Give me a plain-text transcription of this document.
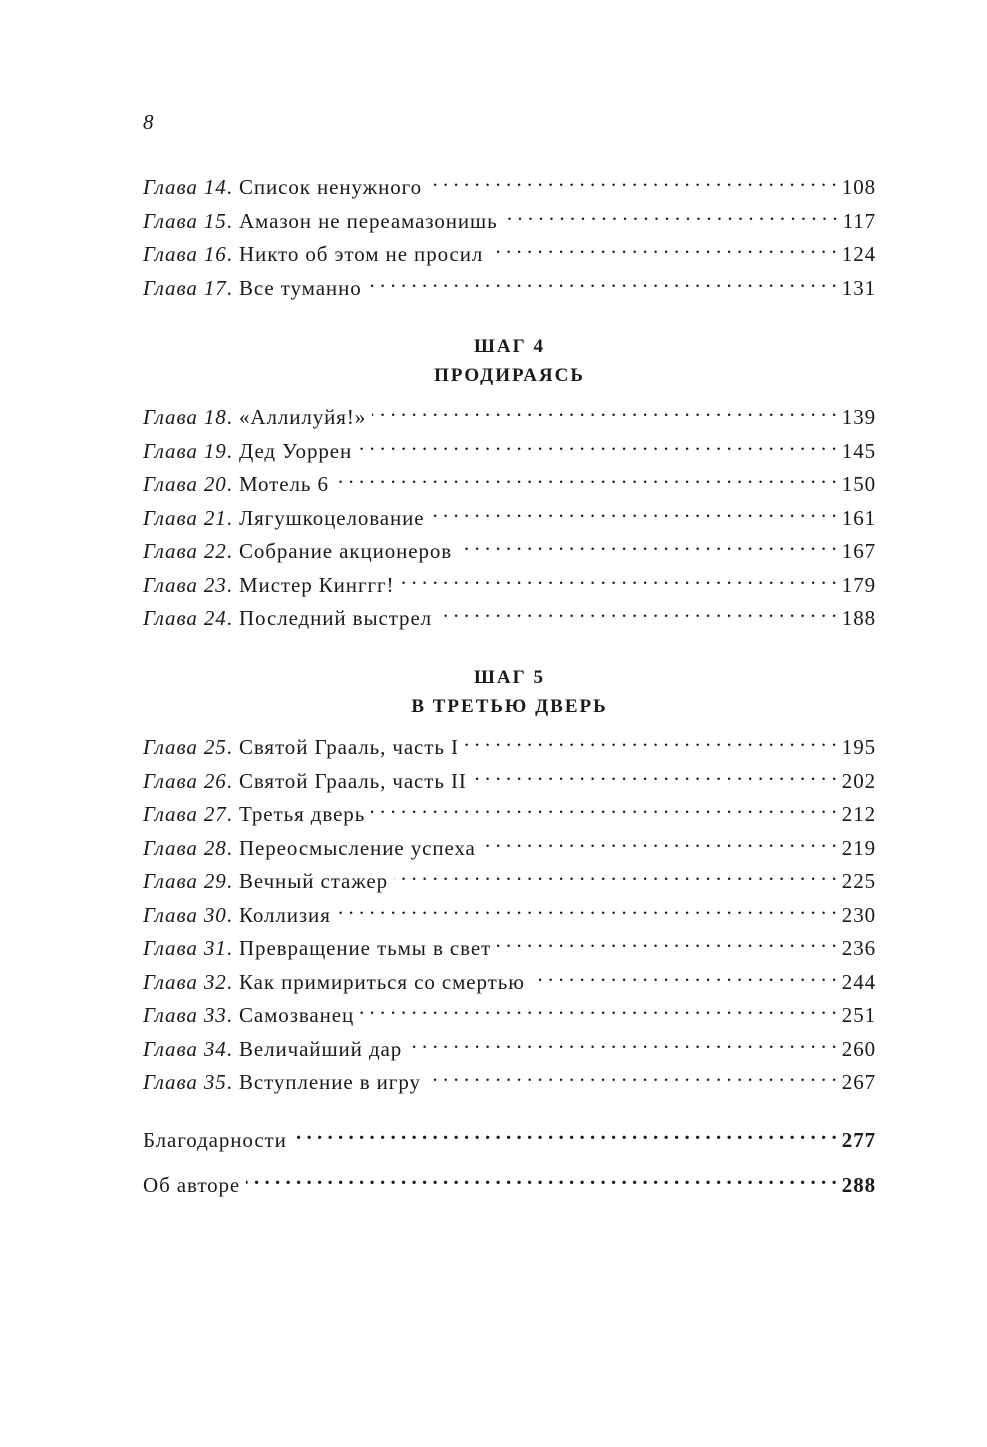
8
Глава 14 . Список ненужного . . .	108
Глава 15 . Амазон не переамазонишь . . .	117
Глава 16 . Никто об этом не просил . . .	124
Глава 17 . Все туманно . . .	131
ШАГ 4
ПРОДИРАЯСЬ
Глава 18 . «Аллилуйя!» . . .	139
Глава 19 . Дед Уоррен . . .	145
Глава 20 . Мотель 6 . . .	150
Глава 21 . Лягушкоцелование . . .	161
Глава 22 . Собрание акционеров . . .	167
Глава 23 . Мистер Кинггг! . . .	179
Глава 24 . Последний выстрел . . .	188
ШАГ 5
В ТРЕТЬЮ ДВЕРЬ
Глава 25 . Святой Грааль, часть I . . .	195
Глава 26 . Святой Грааль, часть II . . .	202
Глава 27 . Третья дверь . . .	212
Глава 28 . Переосмысление успеха . . .	219
Глава 29 . Вечный стажер . . .	225
Глава 30 . Коллизия . . .	230
Глава 31 . Превращение тьмы в свет . . .	236
Глава 32 . Как примириться со смертью . . .	244
Глава 33 . Самозванец . . .	251
Глава 34 . Величайший дар . . .	260
Глава 35 . Вступление в игру . . .	267
Благодарности . . .	277
Об авторе . . .	288
